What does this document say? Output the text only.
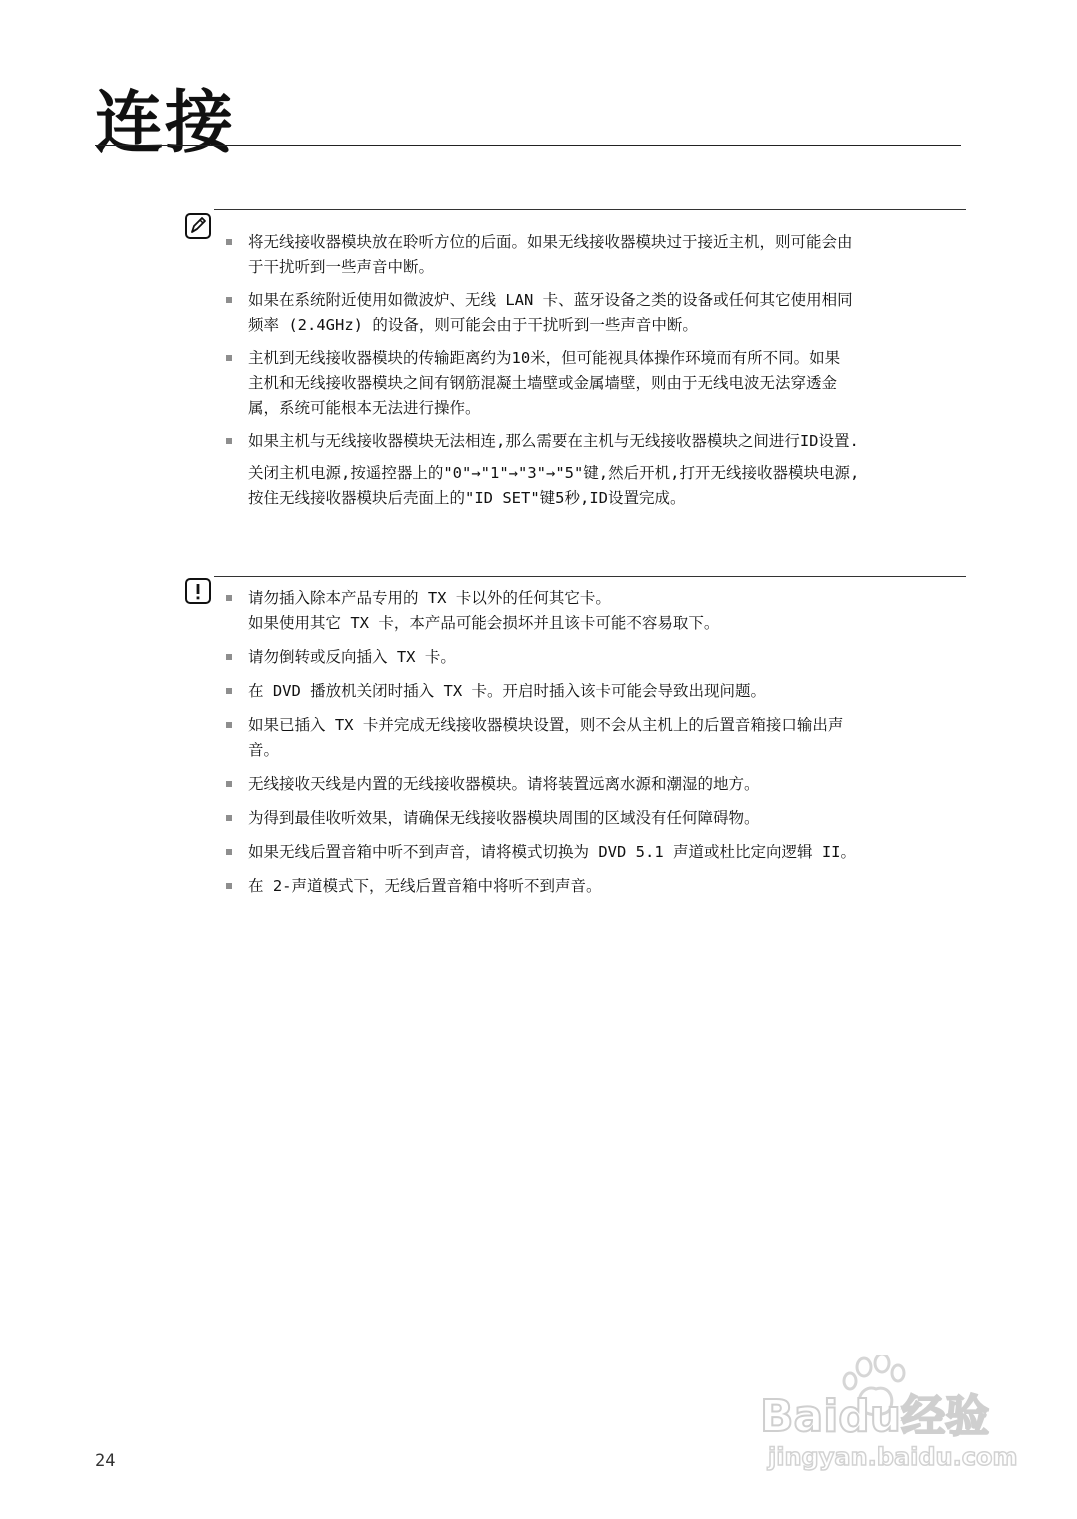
连接
将无线接收器模块放在聆听方位的后面。如果无线接收器模块过于接近主机，则可能会由
于干扰听到一些声音中断。
如果在系统附近使用如微波炉、无线 LAN 卡、蓝牙设备之类的设备或任何其它使用相同
频率 (2.4GHz) 的设备，则可能会由于干扰听到一些声音中断。
主机到无线接收器模块的传输距离约为10米，但可能视具体操作环境而有所不同。如果
主机和无线接收器模块之间有钢筋混凝土墙壁或金属墙壁，则由于无线电波无法穿透金
属，系统可能根本无法进行操作。
如果主机与无线接收器模块无法相连,那么需要在主机与无线接收器模块之间进行ID设置.
关闭主机电源,按遥控器上的"0"→"1"→"3"→"5"键,然后开机,打开无线接收器模块电源,
按住无线接收器模块后壳面上的"ID SET"键5秒,ID设置完成。
请勿插入除本产品专用的 TX 卡以外的任何其它卡。
如果使用其它 TX 卡，本产品可能会损坏并且该卡可能不容易取下。
请勿倒转或反向插入 TX 卡。
在 DVD 播放机关闭时插入 TX 卡。开启时插入该卡可能会导致出现问题。
如果已插入 TX 卡并完成无线接收器模块设置，则不会从主机上的后置音箱接口输出声
音。
无线接收天线是内置的无线接收器模块。请将装置远离水源和潮湿的地方。
为得到最佳收听效果，请确保无线接收器模块周围的区域没有任何障碍物。
如果无线后置音箱中听不到声音，请将模式切换为 DVD 5.1 声道或杜比定向逻辑 II。
在 2-声道模式下，无线后置音箱中将听不到声音。
24
Baidu经验
jingyan.baidu.com
